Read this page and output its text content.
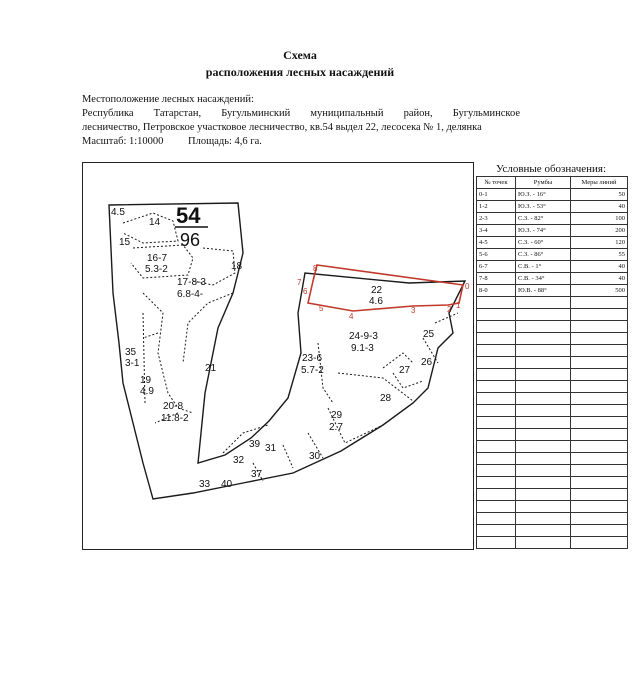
Схема
расположения лесных насаждений
Местоположение лесных насаждений:
Республика Татарстан, Бугульминский муниципальный район, Бугульминское
лесничество, Петровское участковое лесничество, кв.54 выдел 22, лесосека № 1, делянка
Масштаб: 1:10000 Площадь: 4,6 га.
0
1
2
3
4
5
6
7
8
54
96
4.5
14
15
16-7
5.3-2
17-8-3
6.8-4-
18
35
3-1
19
4.9
21
20-8
11.8-2
22
4.6
24-9-3
9.1-3
23-6
5.7-2
25
26
27
28
29
2.7
30
31
32
33
37
39
40
Условные обозначения:
№ точек	Румбы	Меры линий
0-1	Ю.З. - 16°	50
1-2	Ю.З. - 53°	40
2-3	С.З. - 82°	100
3-4	Ю.З. - 74°	200
4-5	С.З. - 60°	120
5-6	С.З. - 86°	55
6-7	С.В. - 1°	40
7-8	С.В. - 34°	40
8-0	Ю.В. - 88°	500
